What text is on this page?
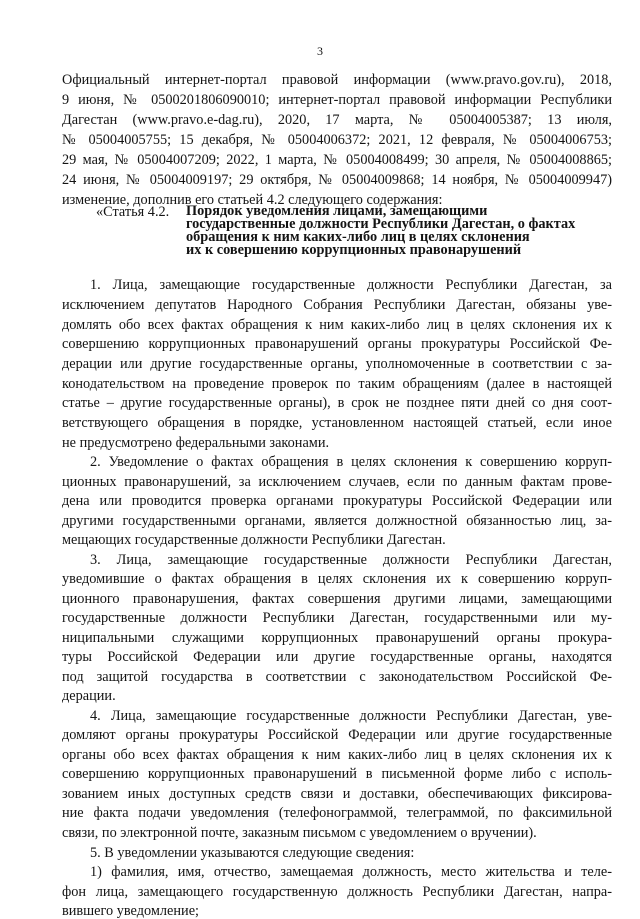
3
Официальный интернет-портал правовой информации (www.pravo.gov.ru), 2018,
9 июня, № 0500201806090010; интернет-портал правовой информации Республики
Дагестан (www.pravo.e-dag.ru), 2020, 17 марта, № 05004005387; 13 июля,
№ 05004005755; 15 декабря, № 05004006372; 2021, 12 февраля, № 05004006753;
29 мая, № 05004007209; 2022, 1 марта, № 05004008499; 30 апреля, № 05004008865;
24 июня, № 05004009197; 29 октября, № 05004009868; 14 ноября, № 05004009947)
изменение, дополнив его статьей 4.2 следующего содержания:
«Статья 4.2. Порядок уведомления лицами, замещающими
государственные должности Республики Дагестан, о фактах
обращения к ним каких-либо лиц в целях склонения
их к совершению коррупционных правонарушений
1. Лица, замещающие государственные должности Республики Дагестан, за
исключением депутатов Народного Собрания Республики Дагестан, обязаны уве-
домлять обо всех фактах обращения к ним каких-либо лиц в целях склонения их к
совершению коррупционных правонарушений органы прокуратуры Российской Фе-
дерации или другие государственные органы, уполномоченные в соответствии с за-
конодательством на проведение проверок по таким обращениям (далее в настоящей
статье – другие государственные органы), в срок не позднее пяти дней со дня соот-
ветствующего обращения в порядке, установленном настоящей статьей, если иное
не предусмотрено федеральными законами.
2. Уведомление о фактах обращения в целях склонения к совершению корруп-
ционных правонарушений, за исключением случаев, если по данным фактам прове-
дена или проводится проверка органами прокуратуры Российской Федерации или
другими государственными органами, является должностной обязанностью лиц, за-
мещающих государственные должности Республики Дагестан.
3. Лица, замещающие государственные должности Республики Дагестан,
уведомившие о фактах обращения в целях склонения их к совершению корруп-
ционного правонарушения, фактах совершения другими лицами, замещающими
государственные должности Республики Дагестан, государственными или му-
ниципальными служащими коррупционных правонарушений органы прокура-
туры Российской Федерации или другие государственные органы, находятся
под защитой государства в соответствии с законодательством Российской Фе-
дерации.
4. Лица, замещающие государственные должности Республики Дагестан, уве-
домляют органы прокуратуры Российской Федерации или другие государственные
органы обо всех фактах обращения к ним каких-либо лиц в целях склонения их к
совершению коррупционных правонарушений в письменной форме либо с исполь-
зованием иных доступных средств связи и доставки, обеспечивающих фиксирова-
ние факта подачи уведомления (телефонограммой, телеграммой, по факсимильной
связи, по электронной почте, заказным письмом с уведомлением о вручении).
5. В уведомлении указываются следующие сведения:
1) фамилия, имя, отчество, замещаемая должность, место жительства и теле-
фон лица, замещающего государственную должность Республики Дагестан, напра-
вившего уведомление;
